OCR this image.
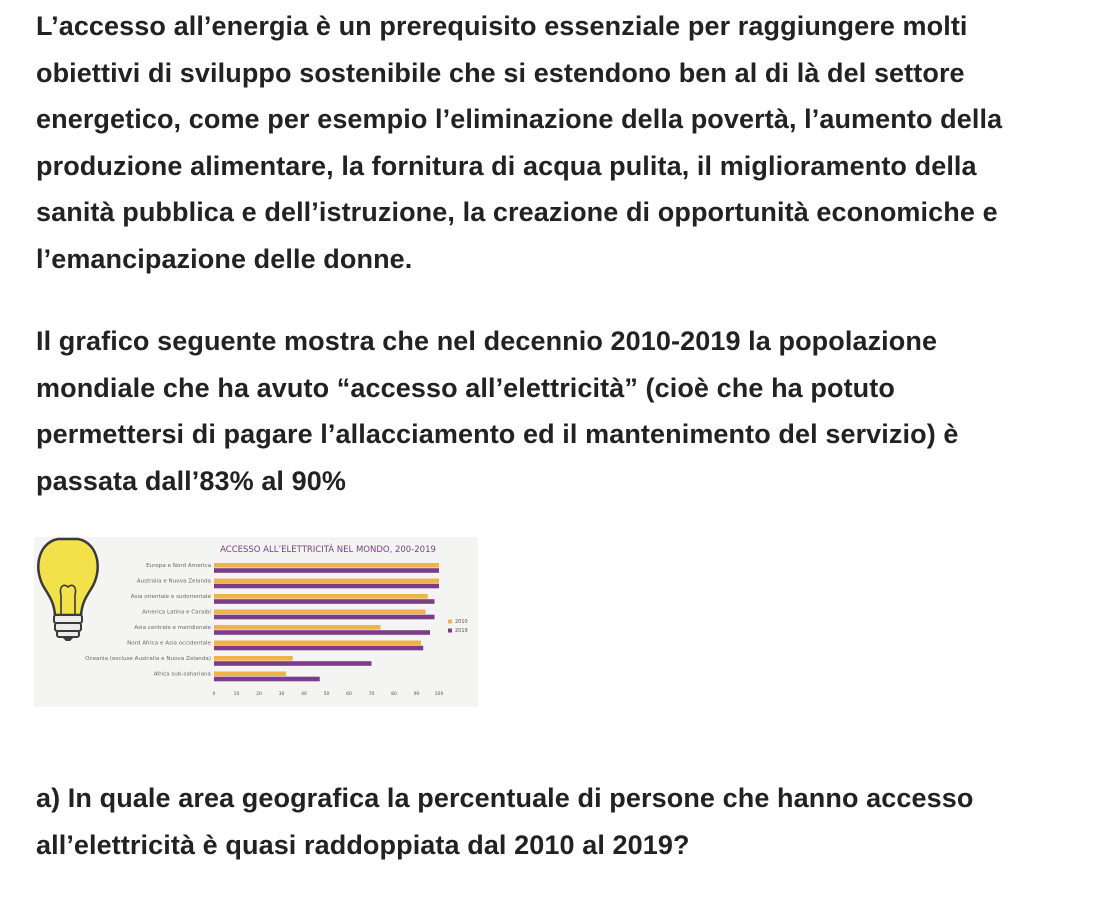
L’accesso all’energia è un prerequisito essenziale per raggiungere molti
obiettivi di sviluppo sostenibile che si estendono ben al di là del settore
energetico, come per esempio l’eliminazione della povertà, l’aumento della
produzione alimentare, la fornitura di acqua pulita, il miglioramento della
sanità pubblica e dell’istruzione, la creazione di opportunità economiche e
l’emancipazione delle donne.
Il grafico seguente mostra che nel decennio 2010-2019 la popolazione
mondiale che ha avuto “accesso all’elettricità” (cioè che ha potuto
permettersi di pagare l’allacciamento ed il mantenimento del servizio) è
passata dall’83% al 90%
ACCESSO ALL’ELETTRICITÀ NEL MONDO, 200-2019
Europa e Nord America
Australia e Nuova Zelanda
Asia orientale e sudorientale
America Latina e Caraibi
Asia centrale e meridionale
Nord Africa e Asia occidentale
Oceania (escluse Australia e Nuova Zelanda)
Africa sub-sahariana
0	10	20	30	40	50	60	70	80	90	100
2010
2019
a) In quale area geografica la percentuale di persone che hanno accesso
all’elettricità è quasi raddoppiata dal 2010 al 2019?
